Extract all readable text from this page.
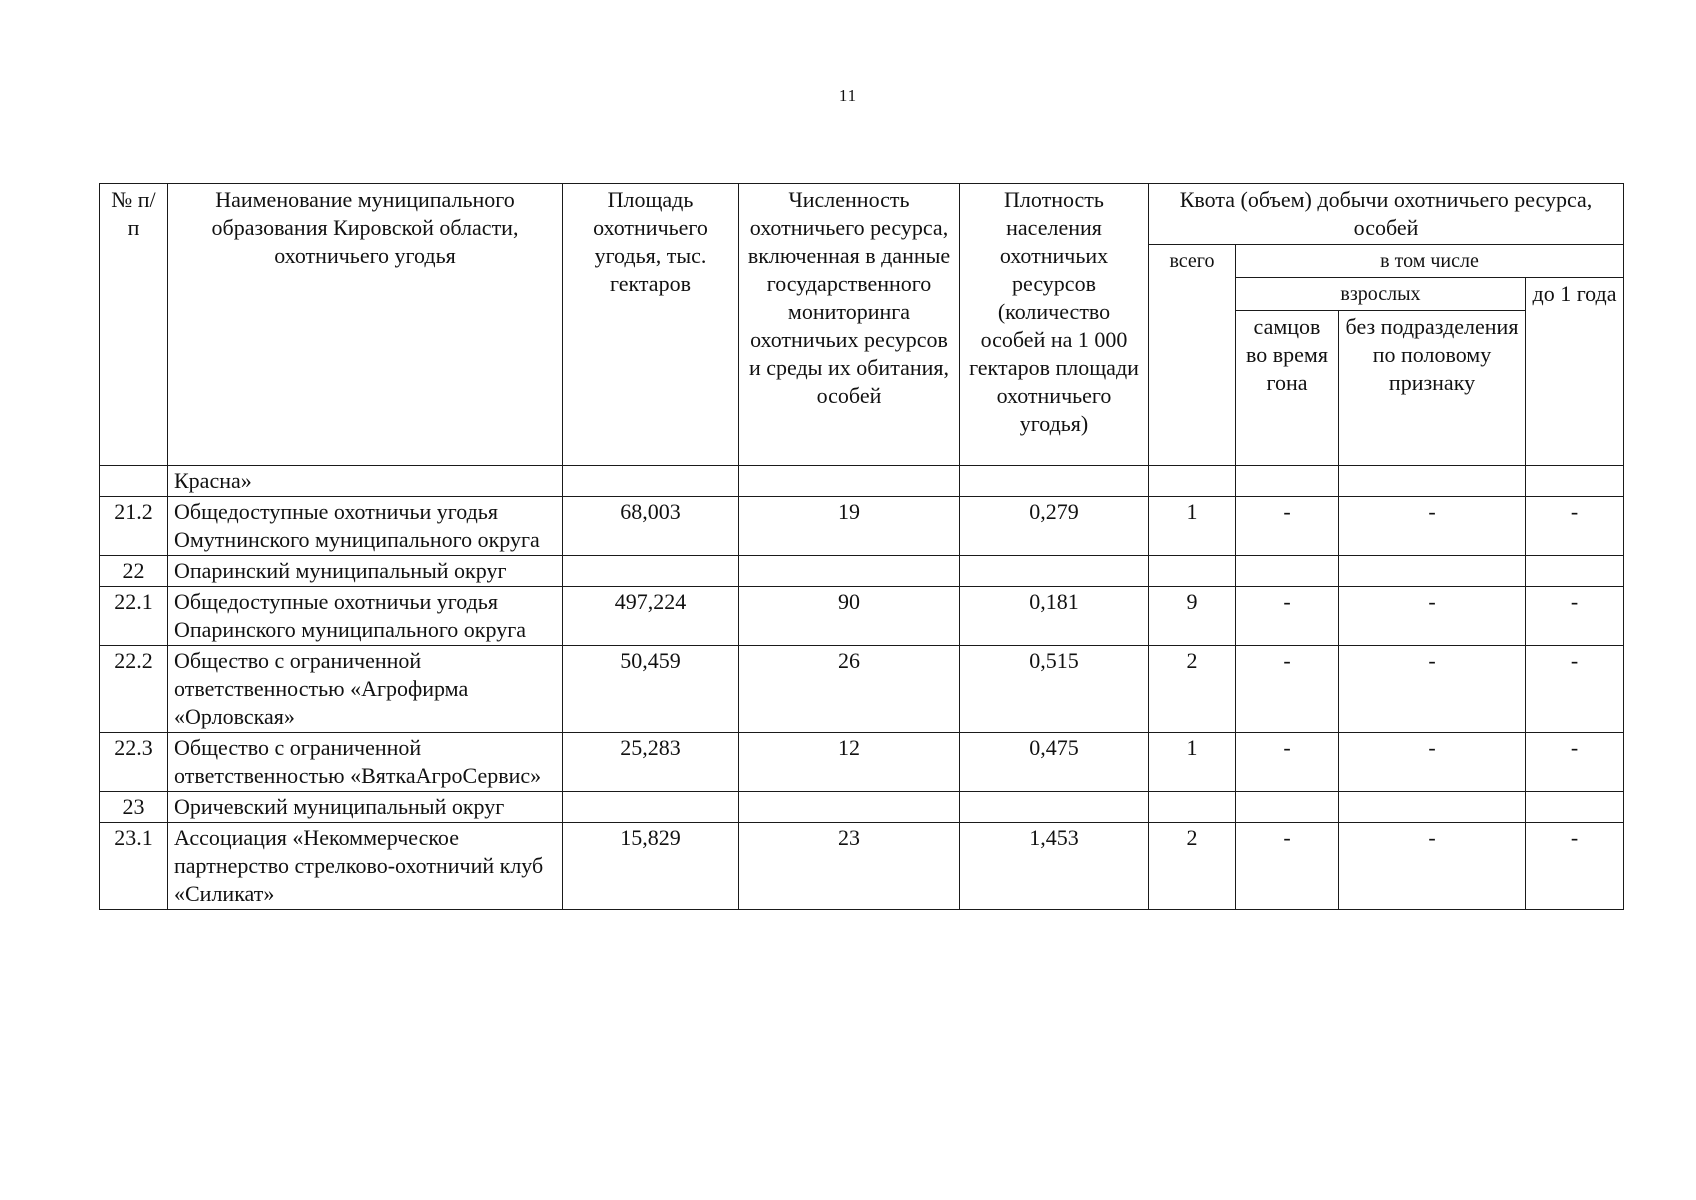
11
№ п/п	Наименование муниципального образования Кировской области, охотничьего угодья	Площадь охотничьего угодья, тыс. гектаров	Численность охотничьего ресурса, включенная в данные государственного мониторинга охотничьих ресурсов и среды их обитания, особей	Плотность населения охотничьих ресурсов (количество особей на 1 000 гектаров площади охотничьего угодья)	Квота (объем) добычи охотничьего ресурса, особей			
					всего	в том числе		
						взрослых		до 1 года
						самцов во время гона	без подразделения по половому признаку	
	Красна»							
21.2	Общедоступные охотничьи угодья Омутнинского муниципального округа	68,003	19	0,279	1	-	-	-
22	Опаринский муниципальный округ							
22.1	Общедоступные охотничьи угодья Опаринского муниципального округа	497,224	90	0,181	9	-	-	-
22.2	Общество с ограниченной ответственностью «Агрофирма «Орловская»	50,459	26	0,515	2	-	-	-
22.3	Общество с ограниченной ответственностью «ВяткаАгроСервис»	25,283	12	0,475	1	-	-	-
23	Оричевский муниципальный округ							
23.1	Ассоциация «Некоммерческое партнерство стрелково-охотничий клуб «Силикат»	15,829	23	1,453	2	-	-	-
